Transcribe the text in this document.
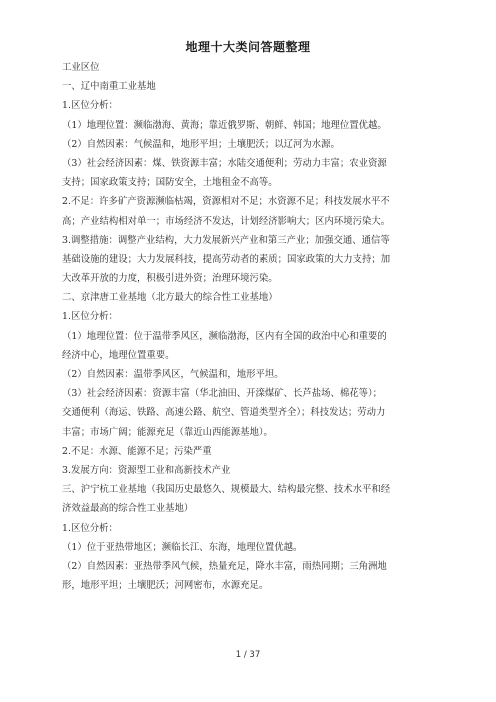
地理十大类问答题整理
工业区位
一、辽中南重工业基地
1.区位分析：
（1）地理位置：濒临渤海、黄海；靠近俄罗斯、朝鲜、韩国；地理位置优越。
（2）自然因素：气候温和，地形平坦；土壤肥沃；以辽河为水源。
（3）社会经济因素：煤、铁资源丰富；水陆交通便利；劳动力丰富；农业资源
支持；国家政策支持；国防安全，土地租金不高等。
2.不足：许多矿产资源濒临枯竭，资源相对不足；水资源不足；科技发展水平不
高；产业结构相对单一；市场经济不发达，计划经济影响大；区内环境污染大。
3.调整措施：调整产业结构，大力发展新兴产业和第三产业；加强交通、通信等
基础设施的建设；大力发展科技，提高劳动者的素质；国家政策的大力支持；加
大改革开放的力度，积极引进外资；治理环境污染。
二、京津唐工业基地（北方最大的综合性工业基地）
1.区位分析：
（1）地理位置：位于温带季风区，濒临渤海，区内有全国的政治中心和重要的
经济中心，地理位置重要。
（2）自然因素：温带季风区，气候温和，地形平坦。
（3）社会经济因素：资源丰富（华北油田、开滦煤矿、长芦盐场、棉花等）；
交通便利（海运、铁路、高速公路、航空、管道类型齐全）；科技发达；劳动力
丰富；市场广阔；能源充足（靠近山西能源基地）。
2.不足：水源、能源不足；污染严重
3.发展方向：资源型工业和高新技术产业
三、沪宁杭工业基地（我国历史最悠久、规模最大、结构最完整、技术水平和经
济效益最高的综合性工业基地）
1.区位分析：
（1）位于亚热带地区；濒临长江、东海，地理位置优越。
（2）自然因素：亚热带季风气候，热量充足，降水丰富，雨热同期；三角洲地
形，地形平坦；土壤肥沃；河网密布，水源充足。
1 / 37
